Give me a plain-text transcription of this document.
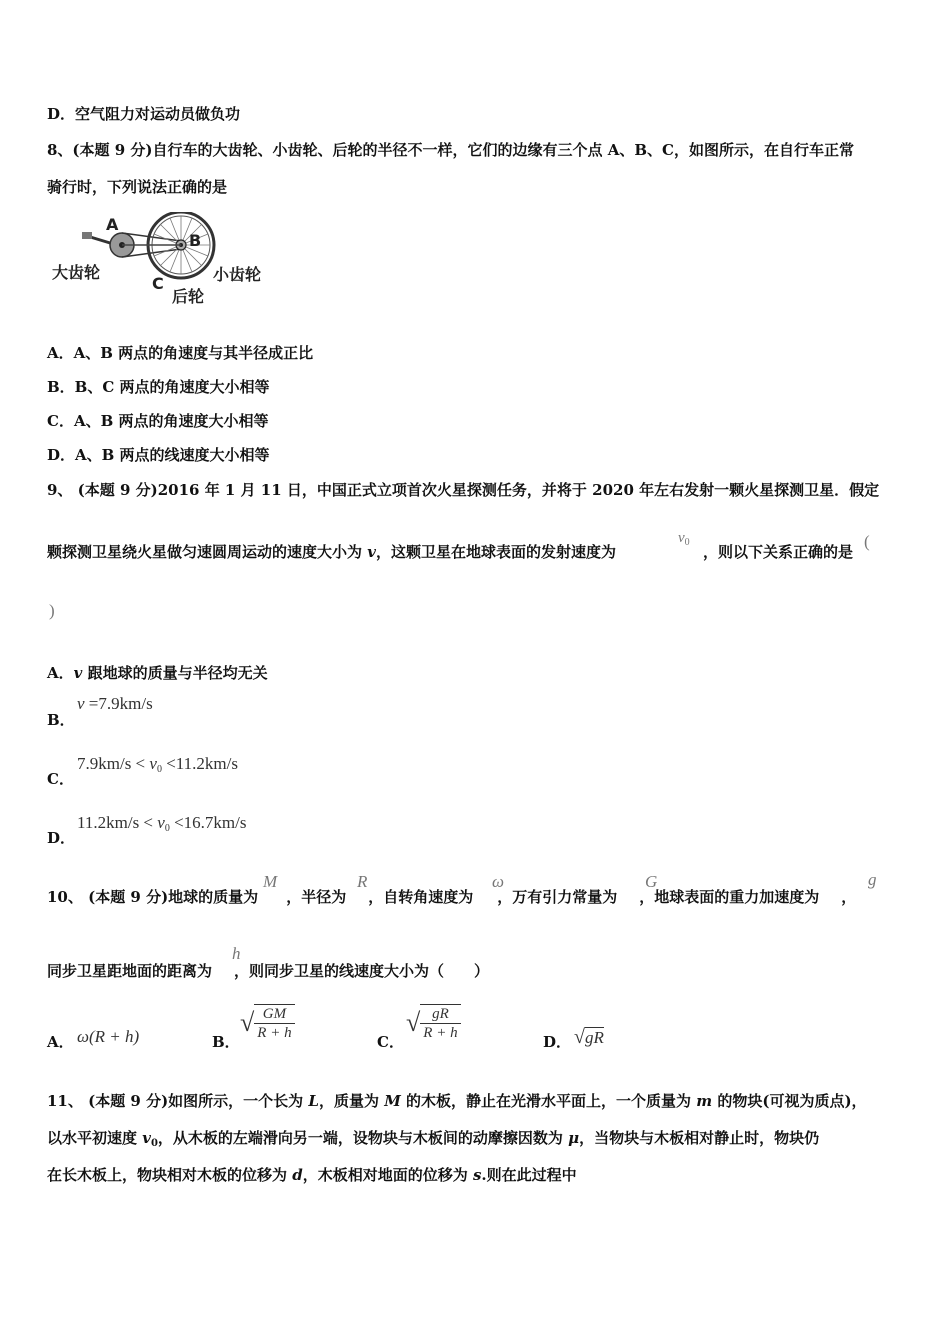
D．空气阻力对运动员做负功
8、(本题 9 分)自行车的大齿轮、小齿轮、后轮的半径不一样，它们的边缘有三个点 A、B、C，如图所示，在自行车正常
骑行时，下列说法正确的是
A
B
C
大齿轮	小齿轮
后轮
A．A、B 两点的角速度与其半径成正比
B．B、C 两点的角速度大小相等
C．A、B 两点的角速度大小相等
D．A、B 两点的线速度大小相等
9、 (本题 9 分)2016 年 1 月 11 日，中国正式立项首次火星探测任务，并将于 2020 年左右发射一颗火星探测卫星．假定
颗探测卫星绕火星做匀速圆周运动的速度大小为 v，这颗卫星在地球表面的发射速度为
$v_0$
，则以下关系正确的是
(
)
A．v 跟地球的质量与半径均无关
B．
v =7.9km/s
C．
$7.9km/s < v_0 <11.2km/s$
D．
$11.2km/s < v_0 <16.7km/s$
10、 (本题 9 分)地球的质量为 ，半径为 ，自转角速度为 ，万有引力常量为 ，地球表面的重力加速度为 ，
M	R	ω	G	g
同步卫星距地面的距离为 ，则同步卫星的线速度大小为（　　）
h
A． ω(R + h)	B．
√ $\frac{GM}{R + h}$	C．
√ $\frac{gR}{R + h}$	D． √gR
11、 (本题 9 分)如图所示，一个长为 L，质量为 M 的木板，静止在光滑水平面上，一个质量为 m 的物块(可视为质点)，
以水平初速度 $v_0$，从木板的左端滑向另一端，设物块与木板间的动摩擦因数为 μ，当物块与木板相对静止时，物块仍
在长木板上，物块相对木板的位移为 d，木板相对地面的位移为 s.则在此过程中
